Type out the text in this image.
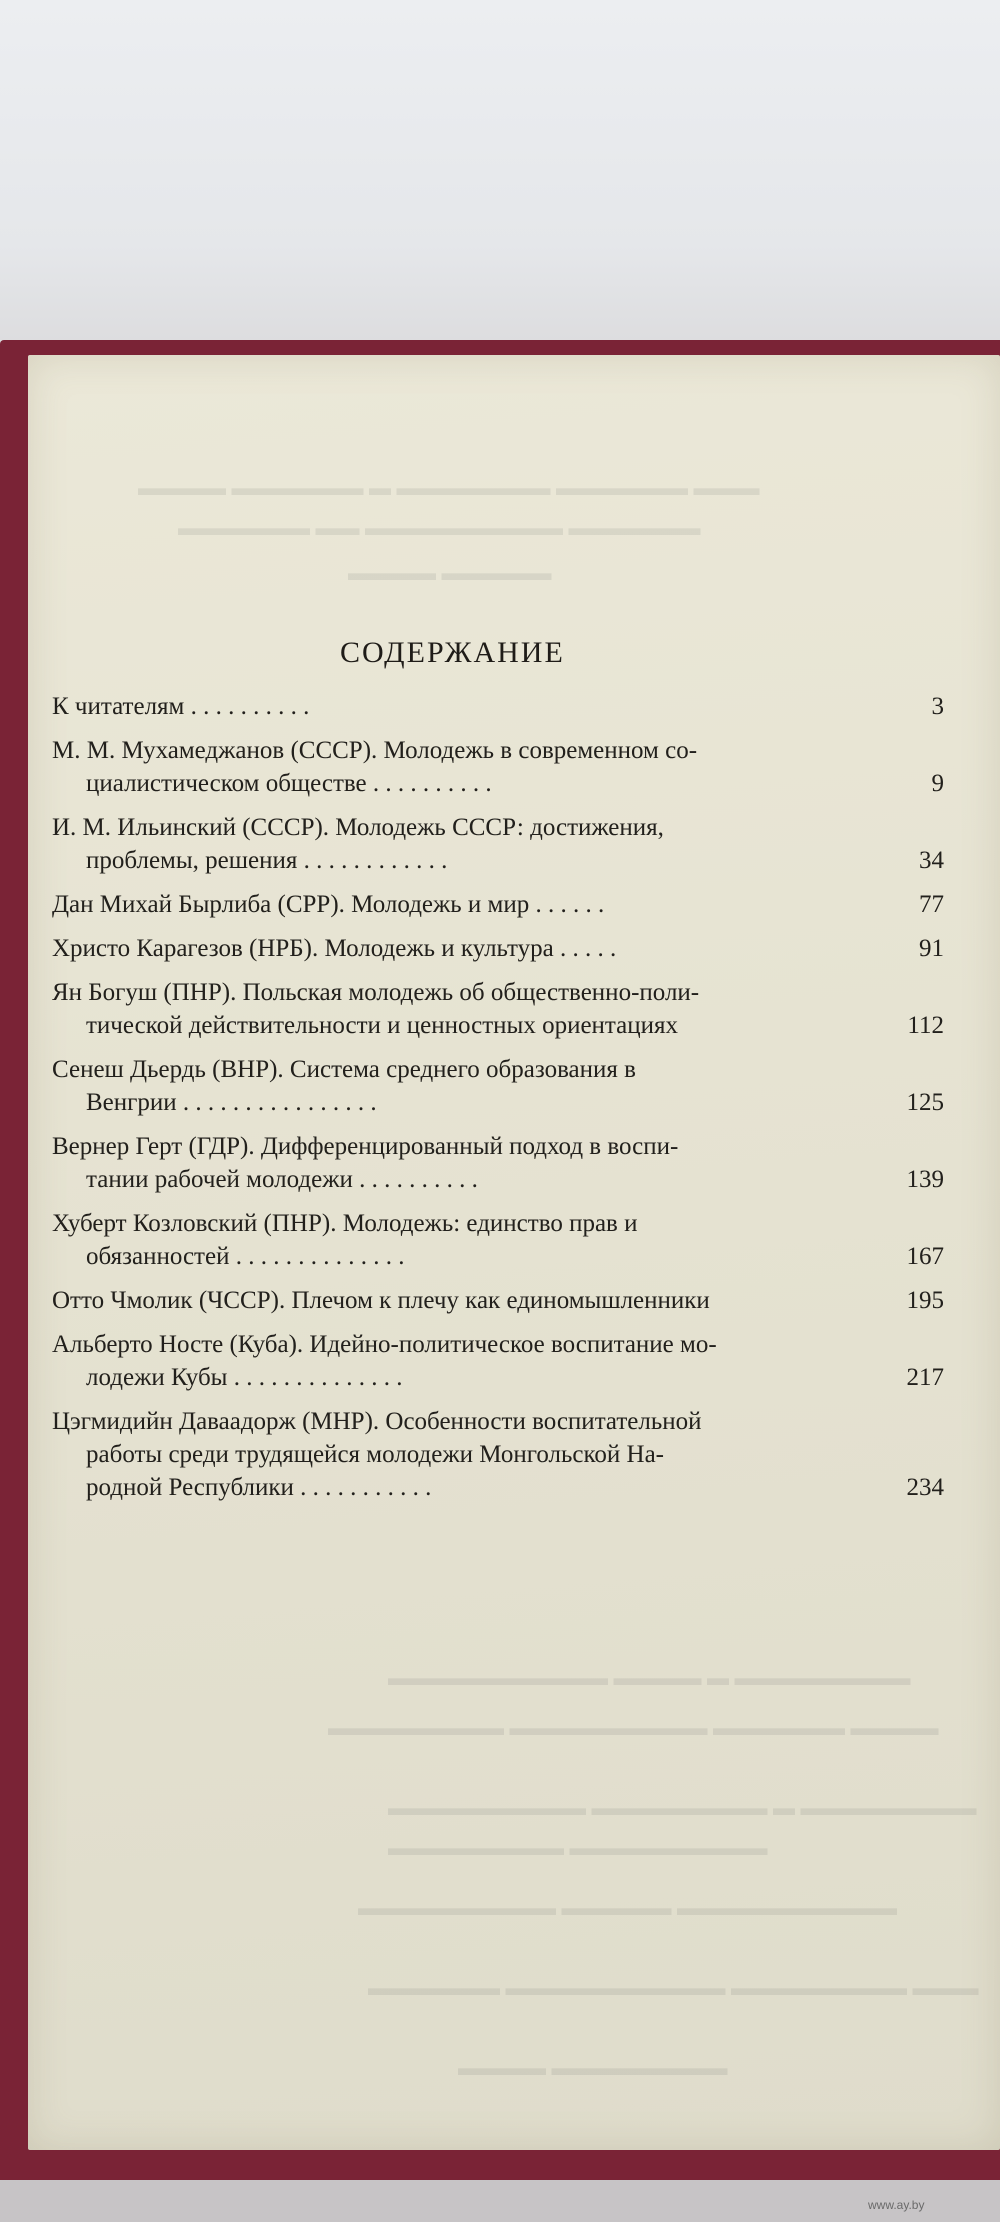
▬▬▬▬ ▬▬▬▬▬▬ ▬ ▬▬▬▬▬▬▬ ▬▬▬▬▬▬ ▬▬▬
▬▬▬▬▬▬ ▬▬ ▬▬▬▬▬▬▬▬▬ ▬▬▬▬▬▬
▬▬▬▬ ▬▬▬▬▬
▬▬▬▬▬▬▬▬▬▬ ▬▬▬▬ ▬ ▬▬▬▬▬▬▬▬
▬▬▬▬▬▬▬▬ ▬▬▬▬▬▬▬▬▬ ▬▬▬▬▬▬ ▬▬▬▬
▬▬▬▬▬▬▬▬▬ ▬▬▬▬▬▬▬▬ ▬ ▬▬▬▬▬▬▬▬
▬▬▬▬▬▬▬▬ ▬▬▬▬▬▬▬▬▬
▬▬▬▬▬▬▬▬▬ ▬▬▬▬▬ ▬▬▬▬▬▬▬▬▬▬
▬▬▬▬▬▬ ▬▬▬▬▬▬▬▬▬▬ ▬▬▬▬▬▬▬▬ ▬▬▬
▬▬▬▬ ▬▬▬▬▬▬▬▬
СОДЕРЖАНИЕ
К читателям . . . . . . . . . .	3
М. М. Мухамеджанов (СССР). Молодежь в современном со-
циалистическом обществе . . . . . . . . . .	9
И. М. Ильинский (СССР). Молодежь СССР: достижения,
проблемы, решения . . . . . . . . . . . .	34
Дан Михай Бырлиба (СРР). Молодежь и мир . . . . . .	77
Христо Карагезов (НРБ). Молодежь и культура . . . . .	91
Ян Богуш (ПНР). Польская молодежь об общественно-поли-
тической действительности и ценностных ориентациях	112
Сенеш Дьердь (ВНР). Система среднего образования в
Венгрии . . . . . . . . . . . . . . . .	125
Вернер Герт (ГДР). Дифференцированный подход в воспи-
тании рабочей молодежи . . . . . . . . . .	139
Хуберт Козловский (ПНР). Молодежь: единство прав и
обязанностей . . . . . . . . . . . . . .	167
Отто Чмолик (ЧССР). Плечом к плечу как единомышленники	195
Альберто Носте (Куба). Идейно-политическое воспитание мо-
лодежи Кубы . . . . . . . . . . . . . .	217
Цэгмидийн Даваадорж (МНР). Особенности воспитательной
работы среди трудящейся молодежи Монгольской На-
родной Республики . . . . . . . . . . .	234
www.ay.by
